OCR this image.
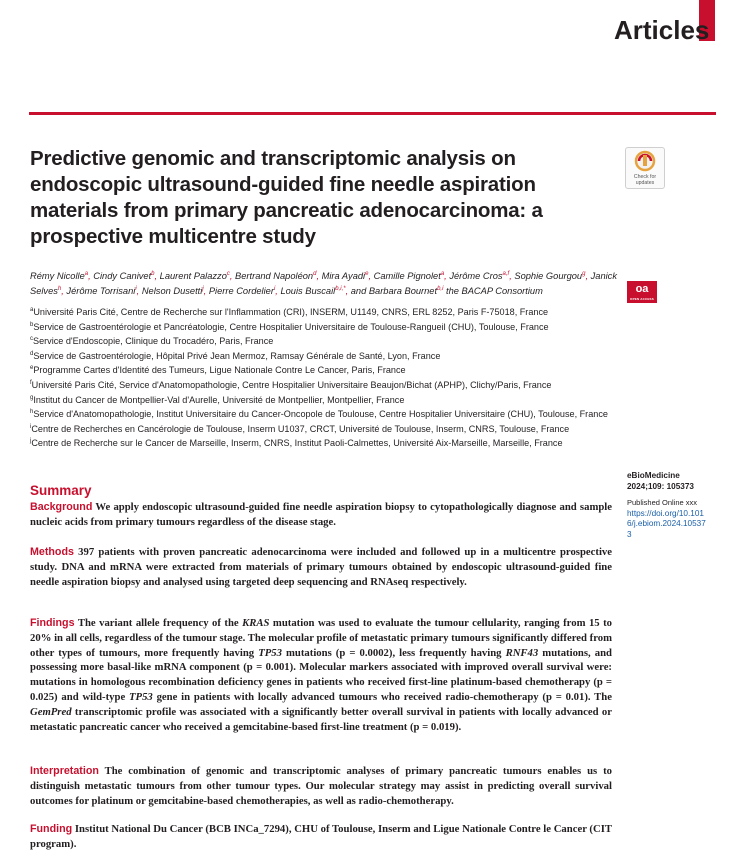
Articles
Predictive genomic and transcriptomic analysis on endoscopic ultrasound-guided fine needle aspiration materials from primary pancreatic adenocarcinoma: a prospective multicentre study
Check for
updates
Rémy Nicolle$^a$, Cindy Canivet$^b$, Laurent Palazzo$^c$, Bertrand Napoléon$^d$, Mira Ayadi$^e$, Camille Pignolet$^a$, Jérôme Cros$^{a,f}$, Sophie Gourgou$^g$, Janick Selves$^h$, Jérôme Torrisani$^i$, Nelson Dusetti$^j$, Pierre Cordelier$^i$, Louis Buscail$^{b,i,*}$, and Barbara Bournet$^{b,i}$ the BACAP Consortium	oa
OPEN ACCESS
$^a$Université Paris Cité, Centre de Recherche sur l'Inflammation (CRI), INSERM, U1149, CNRS, ERL 8252, Paris F-75018, France
$^b$Service de Gastroentérologie et Pancréatologie, Centre Hospitalier Universitaire de Toulouse-Rangueil (CHU), Toulouse, France
$^c$Service d'Endoscopie, Clinique du Trocadéro, Paris, France
$^d$Service de Gastroentérologie, Hôpital Privé Jean Mermoz, Ramsay Générale de Santé, Lyon, France
$^e$Programme Cartes d'Identité des Tumeurs, Ligue Nationale Contre Le Cancer, Paris, France
$^f$Université Paris Cité, Service d'Anatomopathologie, Centre Hospitalier Universitaire Beaujon/Bichat (APHP), Clichy/Paris, France
$^g$Institut du Cancer de Montpellier-Val d'Aurelle, Université de Montpellier, Montpellier, France
$^h$Service d'Anatomopathologie, Institut Universitaire du Cancer-Oncopole de Toulouse, Centre Hospitalier Universitaire (CHU), Toulouse, France
$^i$Centre de Recherches en Cancérologie de Toulouse, Inserm U1037, CRCT, Université de Toulouse, Inserm, CNRS, Toulouse, France
$^j$Centre de Recherche sur le Cancer de Marseille, Inserm, CNRS, Institut Paoli-Calmettes, Université Aix-Marseille, Marseille, France
Summary
eBioMedicine
2024;109: 105373
Published Online xxx
https://doi.org/10.1016/j.ebiom.2024.105373
Background We apply endoscopic ultrasound-guided fine needle aspiration biopsy to cytopathologically diagnose and sample nucleic acids from primary tumours regardless of the disease stage.
Methods 397 patients with proven pancreatic adenocarcinoma were included and followed up in a multicentre prospective study. DNA and mRNA were extracted from materials of primary tumours obtained by endoscopic ultrasound-guided fine needle aspiration biopsy and analysed using targeted deep sequencing and RNAseq respectively.
Findings The variant allele frequency of the KRAS mutation was used to evaluate the tumour cellularity, ranging from 15 to 20% in all cells, regardless of the tumour stage. The molecular profile of metastatic primary tumours significantly differed from other types of tumours, more frequently having TP53 mutations (p = 0.0002), less frequently having RNF43 mutations, and possessing more basal-like mRNA component (p = 0.001). Molecular markers associated with improved overall survival were: mutations in homologous recombination deficiency genes in patients who received first-line platinum-based chemotherapy (p = 0.025) and wild-type TP53 gene in patients with locally advanced tumours who received radio-chemotherapy (p = 0.01). The GemPred transcriptomic profile was associated with a significantly better overall survival in patients with locally advanced or metastatic pancreatic cancer who received a gemcitabine-based first-line treatment (p = 0.019).
Interpretation The combination of genomic and transcriptomic analyses of primary pancreatic tumours enables us to distinguish metastatic tumours from other tumour types. Our molecular strategy may assist in predicting overall survival outcomes for platinum or gemcitabine-based chemotherapies, as well as radio-chemotherapy.
Funding Institut National Du Cancer (BCB INCa_7294), CHU of Toulouse, Inserm and Ligue Nationale Contre le Cancer (CIT program).
